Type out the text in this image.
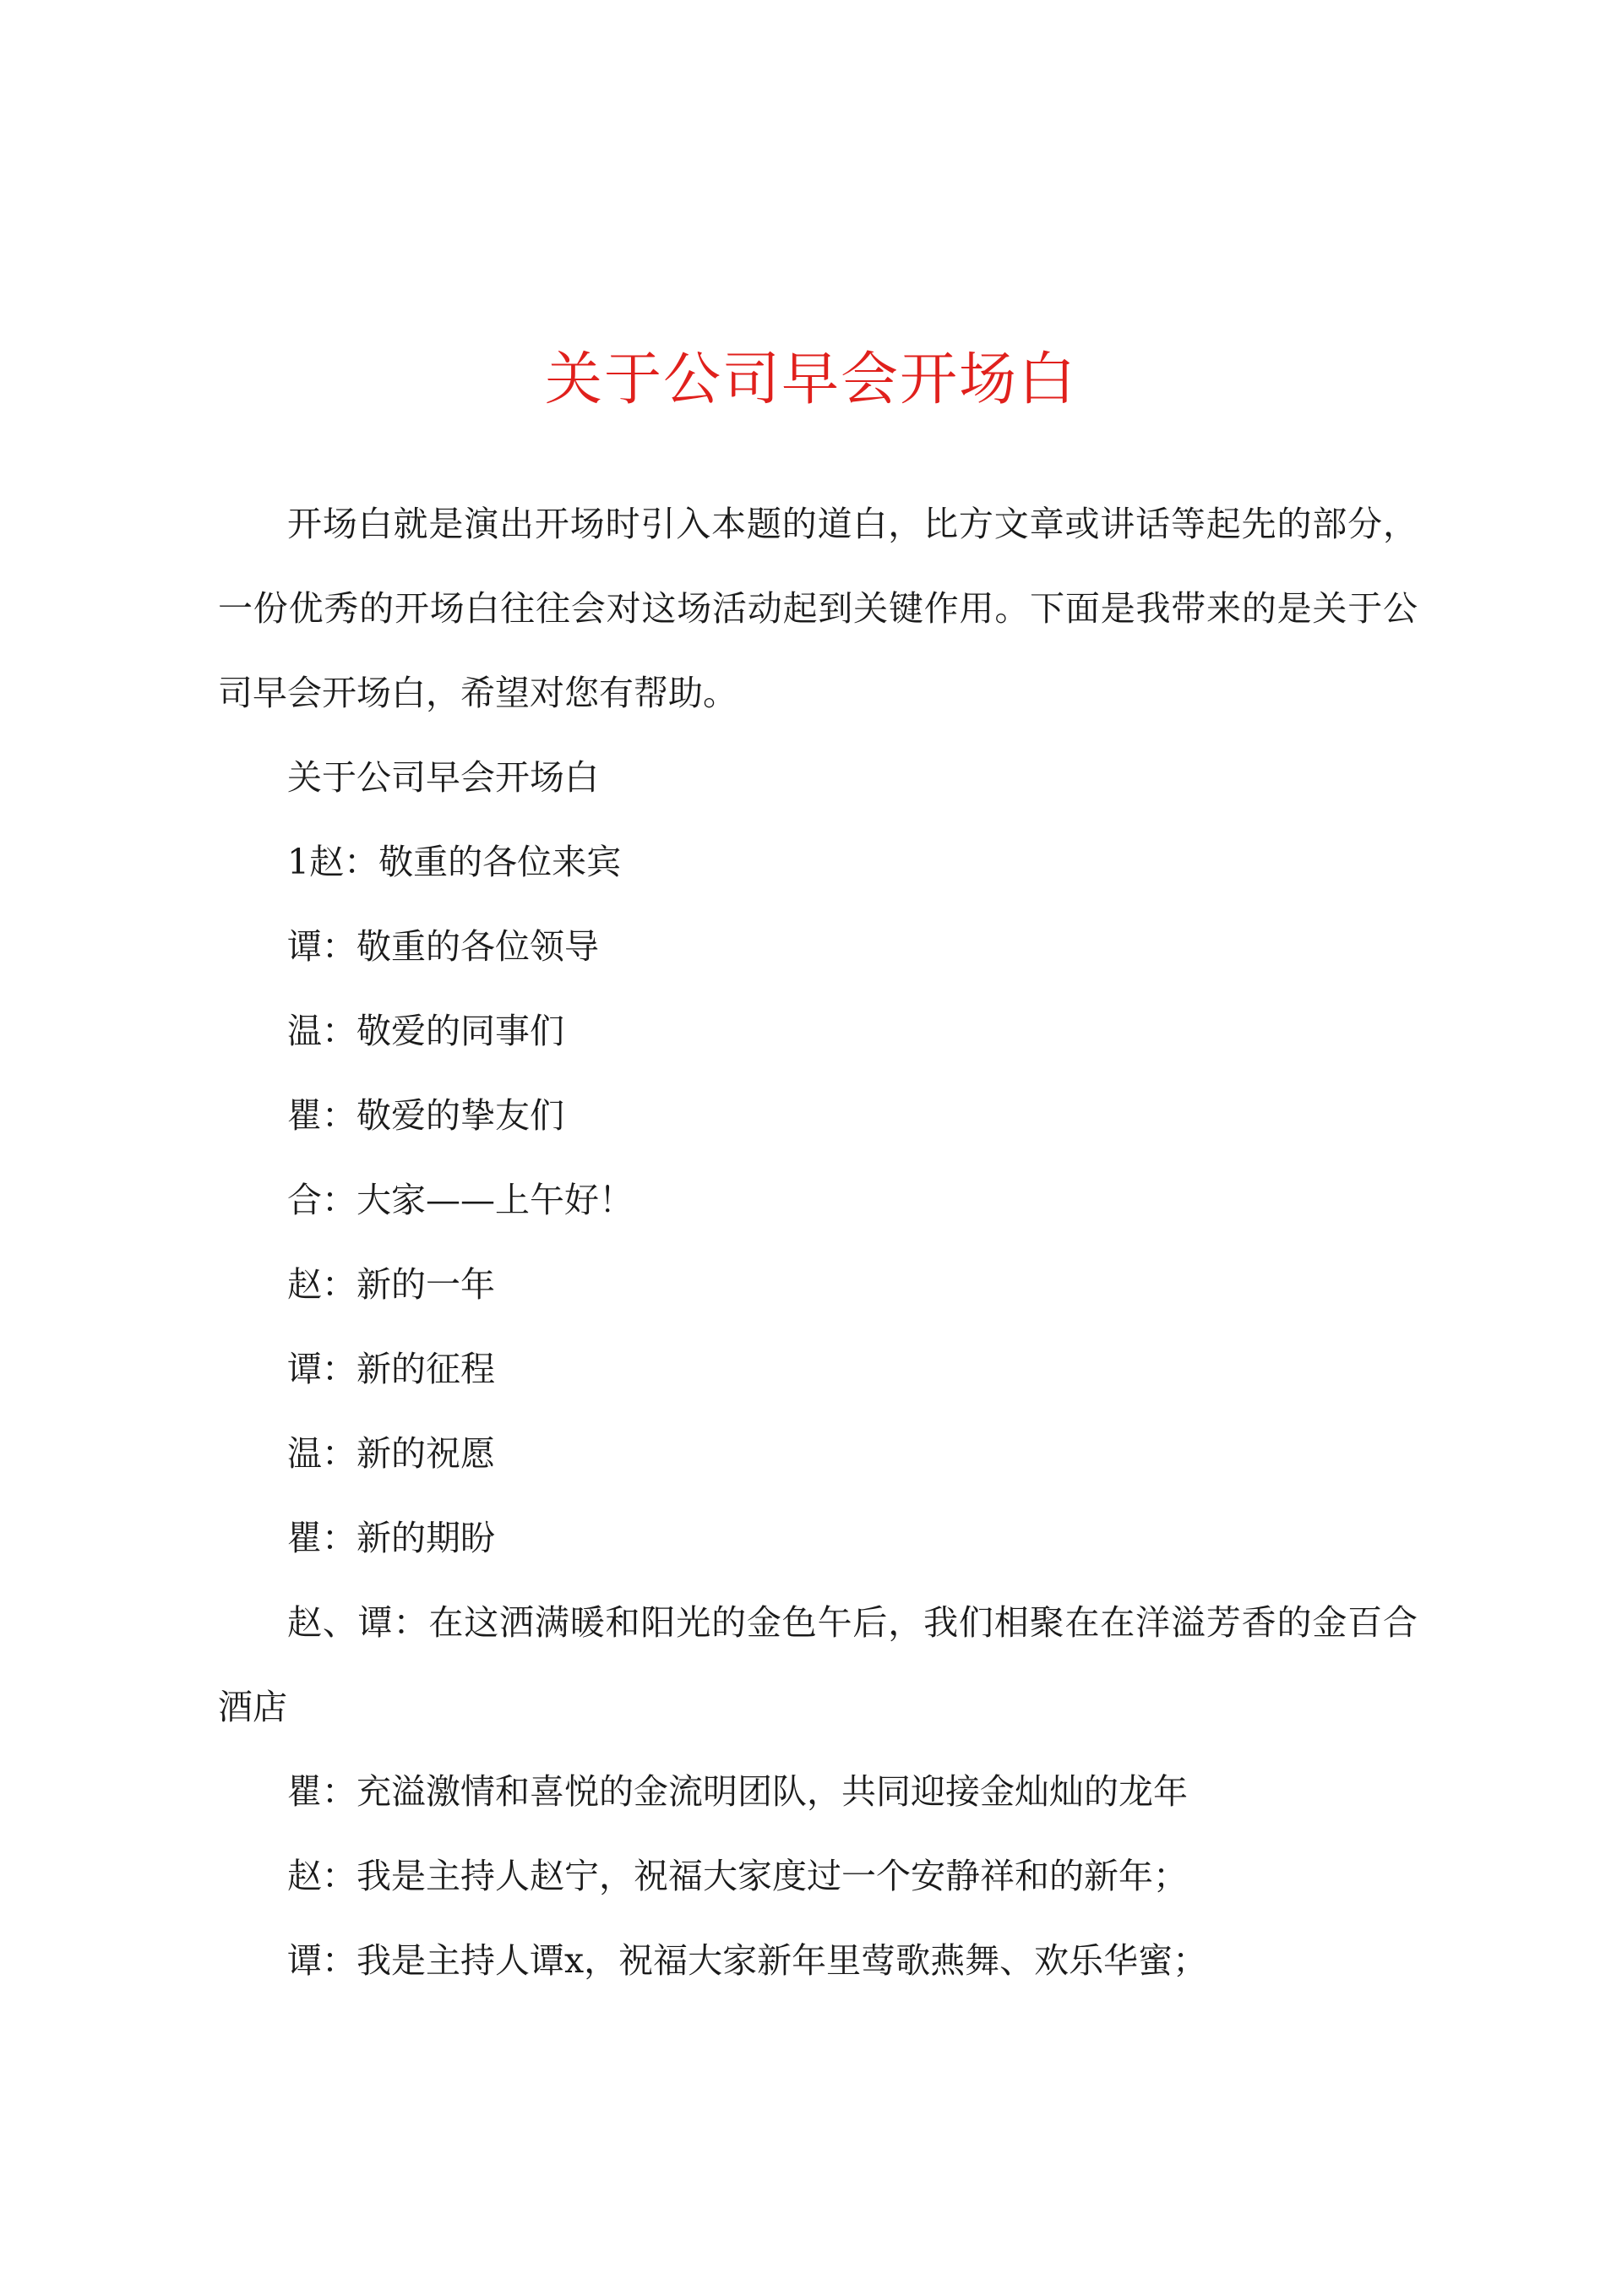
关于公司早会开场白

开场白就是演出开场时引入本题的道白，比方文章或讲话等起先的部分，一份优秀的开场白往往会对这场活动起到关键作用。下面是我带来的是关于公司早会开场白，希望对您有帮助。

关于公司早会开场白

1赵：敬重的各位来宾

谭：敬重的各位领导

温：敬爱的同事们

瞿：敬爱的挚友们

合：大家——上午好！

赵：新的一年

谭：新的征程

温：新的祝愿

瞿：新的期盼

赵、谭：在这洒满暖和阳光的金色午后，我们相聚在在洋溢芳香的金百合酒店

瞿：充溢激情和喜悦的金流明团队，共同迎接金灿灿的龙年

赵：我是主持人赵宁，祝福大家度过一个安静祥和的新年；

谭：我是主持人谭x，祝福大家新年里莺歌燕舞、欢乐华蜜；
